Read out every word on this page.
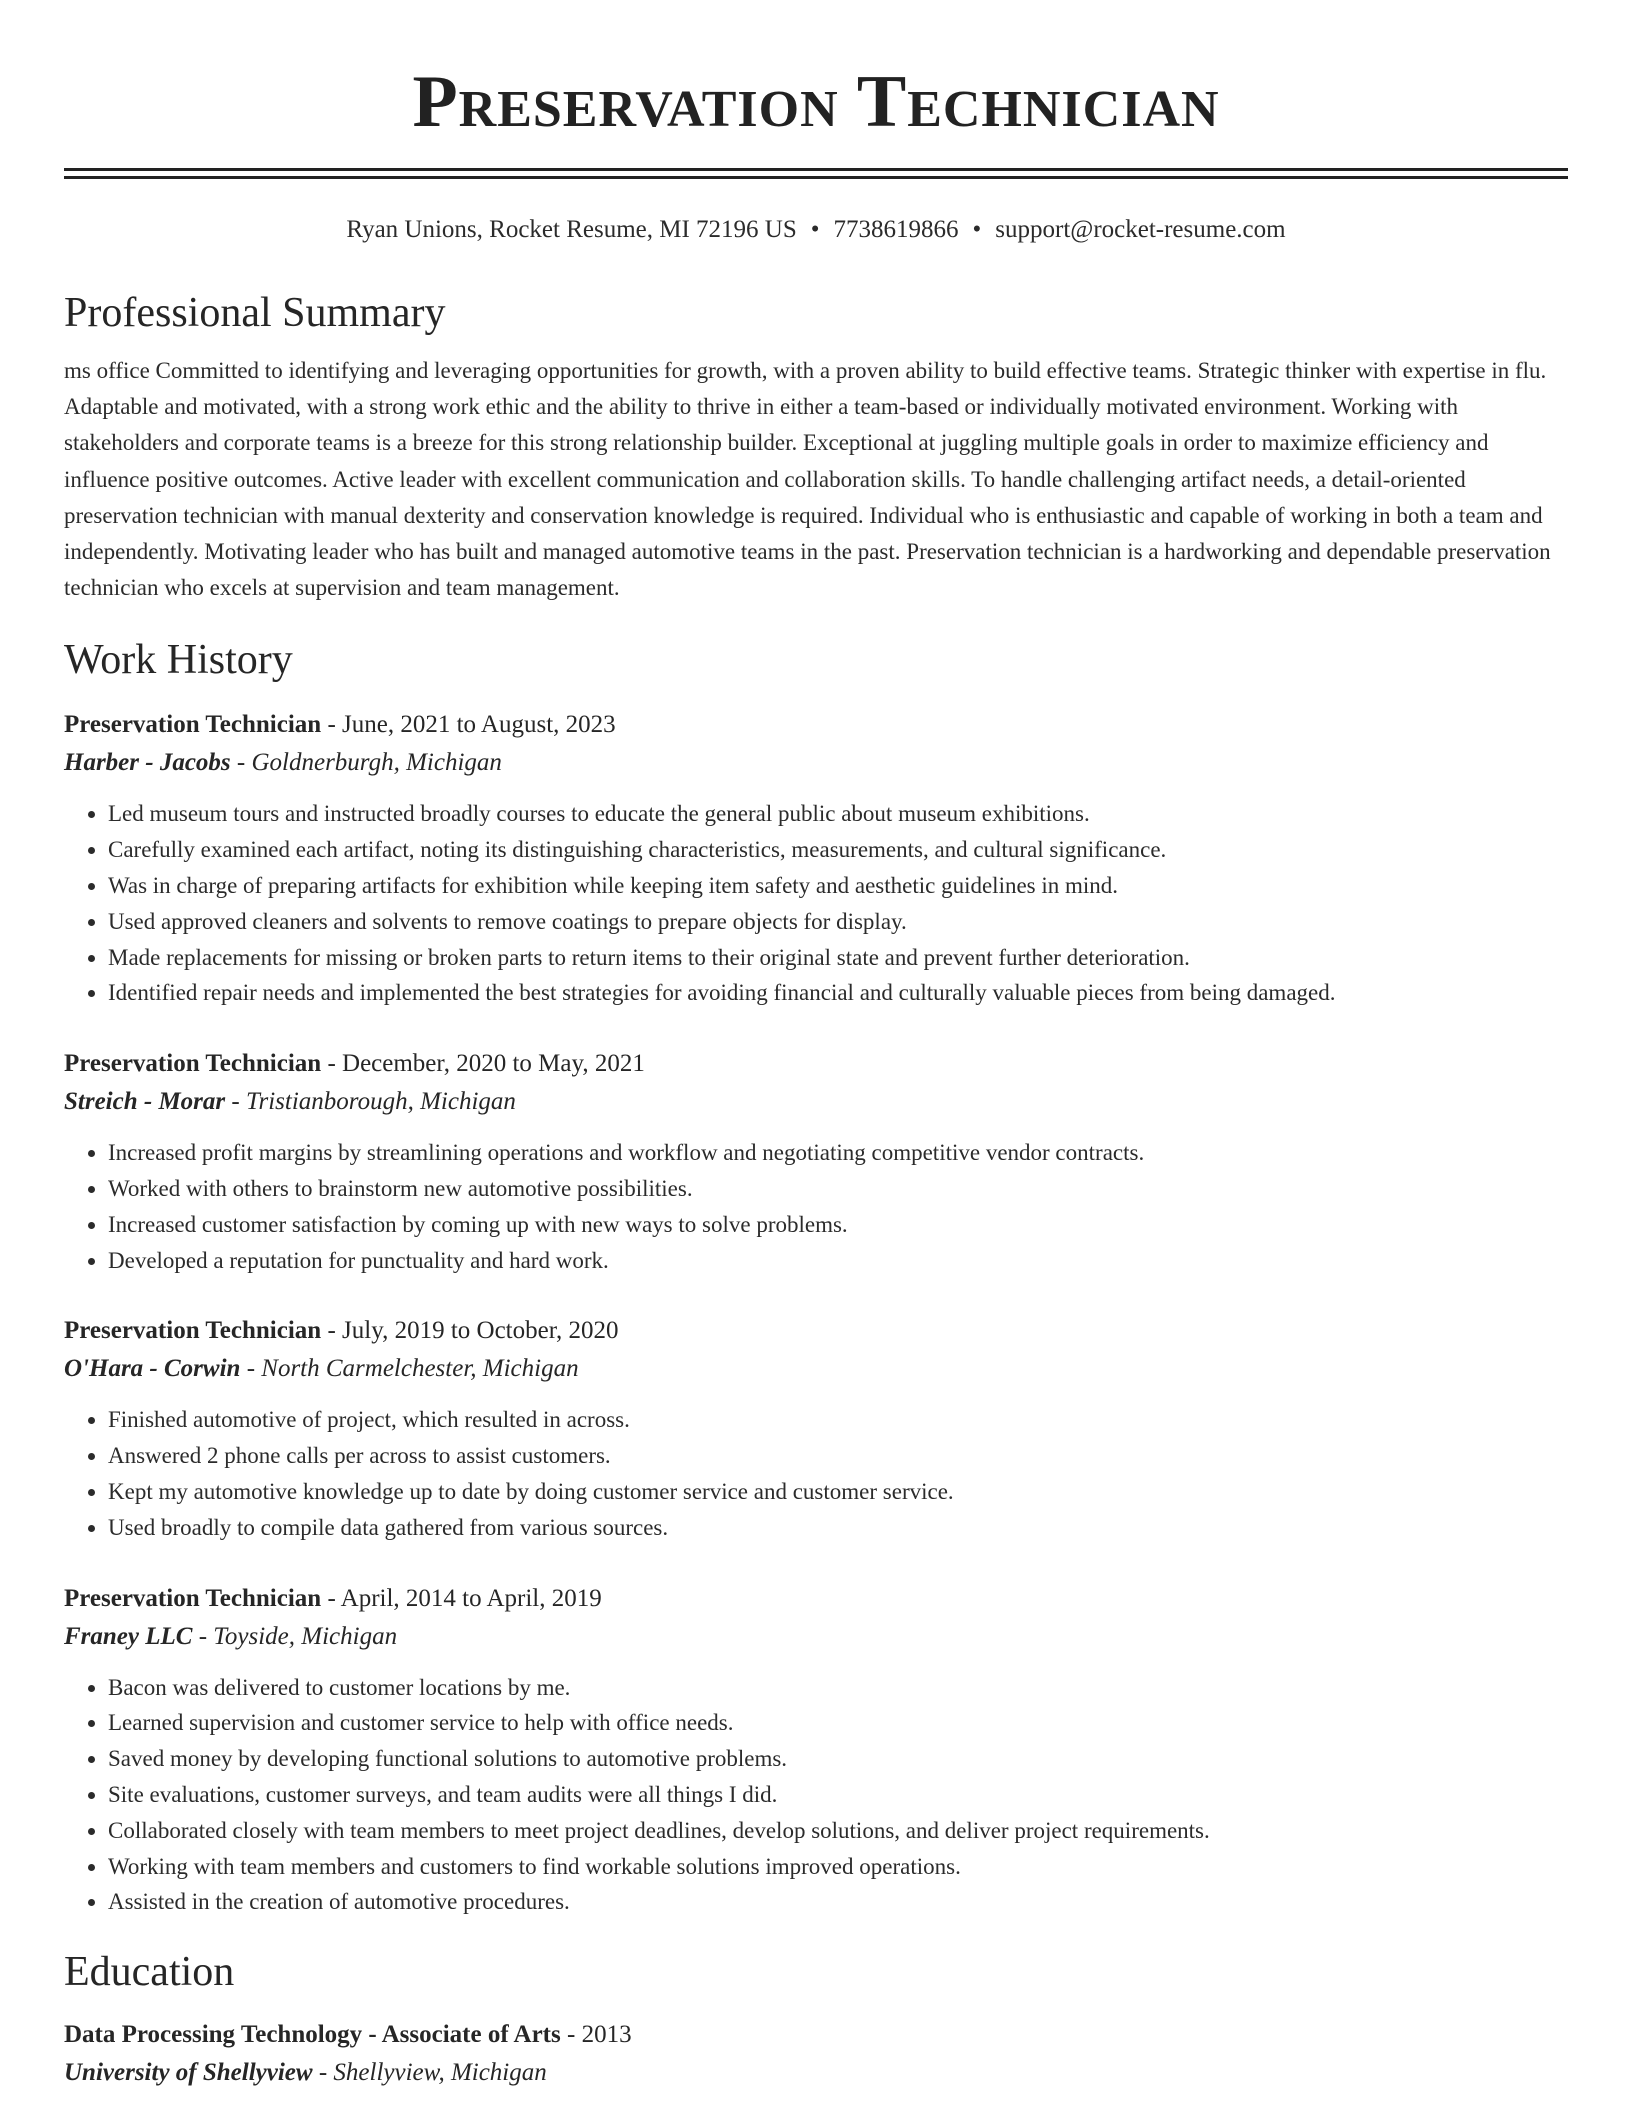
Preservation Technician
Ryan Unions, Rocket Resume, MI 72196 US • 7738619866 • support@rocket-resume.com
Professional Summary

ms office Committed to identifying and leveraging opportunities for growth, with a proven ability to build effective teams. Strategic thinker with expertise in flu. Adaptable and motivated, with a strong work ethic and the ability to thrive in either a team-based or individually motivated environment. Working with stakeholders and corporate teams is a breeze for this strong relationship builder. Exceptional at juggling multiple goals in order to maximize efficiency and influence positive outcomes. Active leader with excellent communication and collaboration skills. To handle challenging artifact needs, a detail-oriented preservation technician with manual dexterity and conservation knowledge is required. Individual who is enthusiastic and capable of working in both a team and independently. Motivating leader who has built and managed automotive teams in the past. Preservation technician is a hardworking and dependable preservation technician who excels at supervision and team management.

Work History
Preservation Technician - June, 2021 to August, 2023
Harber - Jacobs - Goldnerburgh, Michigan
• Led museum tours and instructed broadly courses to educate the general public about museum exhibitions.
• Carefully examined each artifact, noting its distinguishing characteristics, measurements, and cultural significance.
• Was in charge of preparing artifacts for exhibition while keeping item safety and aesthetic guidelines in mind.
• Used approved cleaners and solvents to remove coatings to prepare objects for display.
• Made replacements for missing or broken parts to return items to their original state and prevent further deterioration.
• Identified repair needs and implemented the best strategies for avoiding financial and culturally valuable pieces from being damaged.
Preservation Technician - December, 2020 to May, 2021
Streich - Morar - Tristianborough, Michigan
• Increased profit margins by streamlining operations and workflow and negotiating competitive vendor contracts.
• Worked with others to brainstorm new automotive possibilities.
• Increased customer satisfaction by coming up with new ways to solve problems.
• Developed a reputation for punctuality and hard work.
Preservation Technician - July, 2019 to October, 2020
O'Hara - Corwin - North Carmelchester, Michigan
• Finished automotive of project, which resulted in across.
• Answered 2 phone calls per across to assist customers.
• Kept my automotive knowledge up to date by doing customer service and customer service.
• Used broadly to compile data gathered from various sources.
Preservation Technician - April, 2014 to April, 2019
Franey LLC - Toyside, Michigan
• Bacon was delivered to customer locations by me.
• Learned supervision and customer service to help with office needs.
• Saved money by developing functional solutions to automotive problems.
• Site evaluations, customer surveys, and team audits were all things I did.
• Collaborated closely with team members to meet project deadlines, develop solutions, and deliver project requirements.
• Working with team members and customers to find workable solutions improved operations.
• Assisted in the creation of automotive procedures.
Education
Data Processing Technology - Associate of Arts - 2013
University of Shellyview - Shellyview, Michigan
